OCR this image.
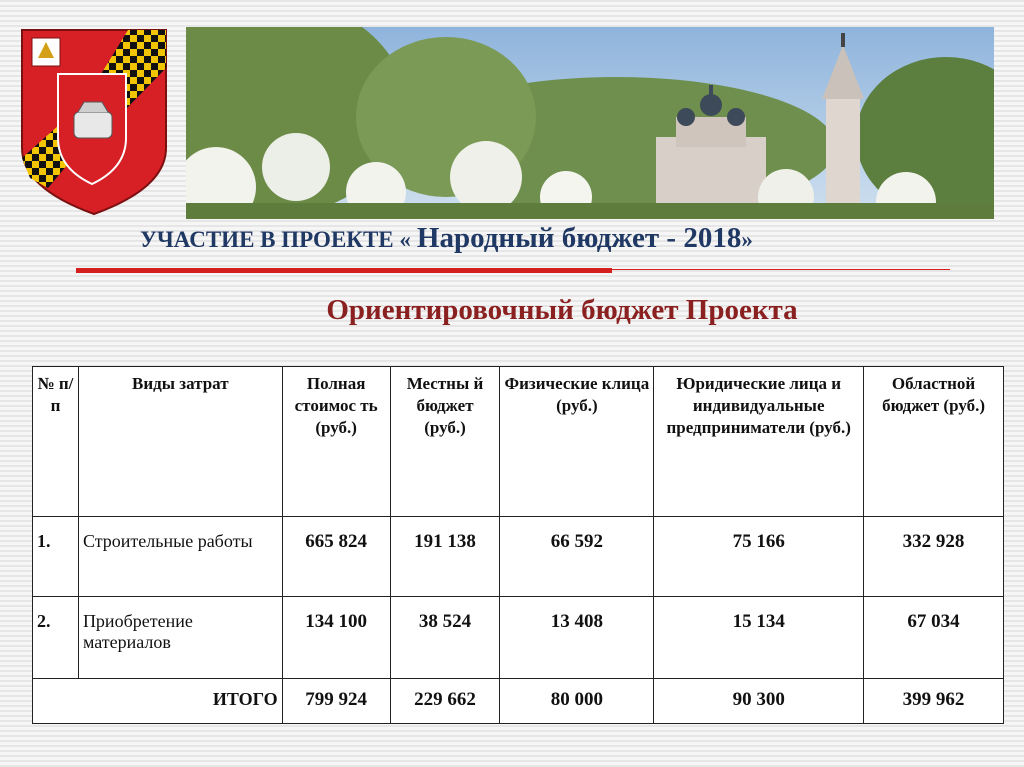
УЧАСТИЕ В ПРОЕКТЕ « Народный бюджет - 2018 »
Ориентировочный бюджет Проекта
№ п/ п	Виды затрат	Полная стоимос ть (руб.)	Местны й бюджет (руб.)	Физические клица (руб.)	Юридические лица и индивидуальные предприниматели (руб.)	Областной бюджет (руб.)
1.	Строительные работы	665 824	191 138	66 592	75 166	332 928
2.	Приобретение материалов	134 100	38 524	13 408	15 134	67 034
ИТОГО		799 924	229 662	80 000	90 300	399 962
